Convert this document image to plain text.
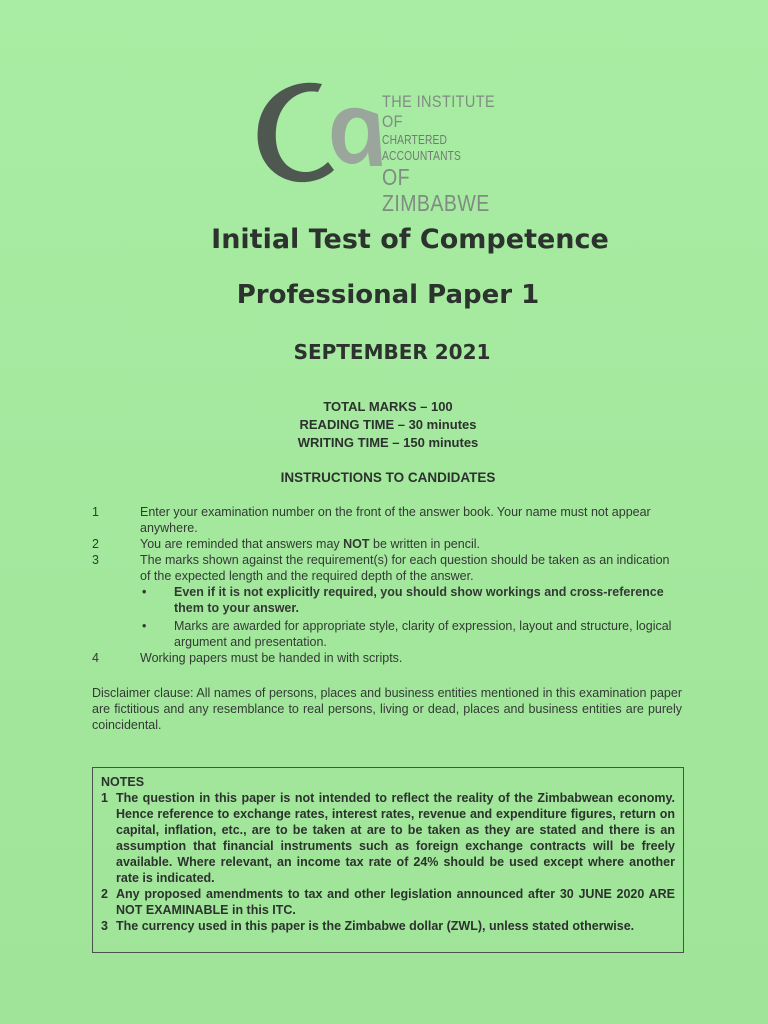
THE INSTITUTE OF
CHARTERED ACCOUNTANTS
OF ZIMBABWE
Initial Test of Competence
Professional Paper 1
SEPTEMBER 2021
TOTAL MARKS – 100
READING TIME – 30 minutes
WRITING TIME – 150 minutes
INSTRUCTIONS TO CANDIDATES
1	Enter your examination number on the front of the answer book. Your name must not appear anywhere.
2	You are reminded that answers may NOT be written in pencil.
3	The marks shown against the requirement(s) for each question should be taken as an indication of the expected length and the required depth of the answer.
• Even if it is not explicitly required, you should show workings and cross-reference them to your answer.
• Marks are awarded for appropriate style, clarity of expression, layout and structure, logical argument and presentation.
4	Working papers must be handed in with scripts.
Disclaimer clause: All names of persons, places and business entities mentioned in this examination paper are fictitious and any resemblance to real persons, living or dead, places and business entities are purely coincidental.
NOTES
1 The question in this paper is not intended to reflect the reality of the Zimbabwean economy. Hence reference to exchange rates, interest rates, revenue and expenditure figures, return on capital, inflation, etc., are to be taken at are to be taken as they are stated and there is an assumption that financial instruments such as foreign exchange contracts will be freely available. Where relevant, an income tax rate of 24% should be used except where another rate is indicated.
2 Any proposed amendments to tax and other legislation announced after 30 JUNE 2020 ARE NOT EXAMINABLE in this ITC.
3 The currency used in this paper is the Zimbabwe dollar (ZWL), unless stated otherwise.
